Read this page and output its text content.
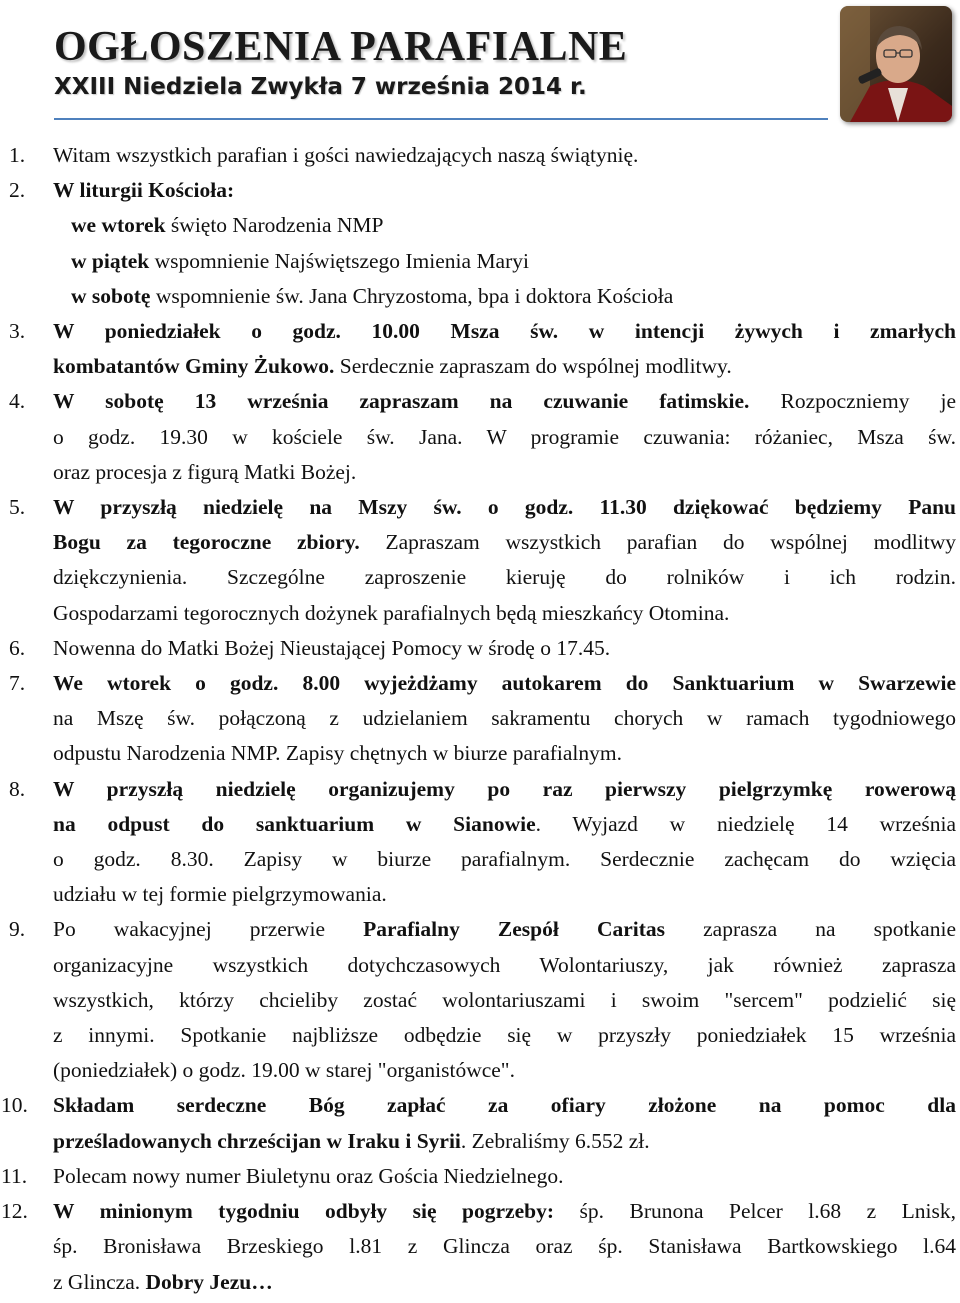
OGŁOSZENIA PARAFIALNE
XXIII Niedziela Zwykła 7 września 2014 r.
1. Witam wszystkich parafian i gości nawiedzających naszą świątynię.
2. W liturgii Kościoła:
we wtorek święto Narodzenia NMP
w piątek wspomnienie Najświętszego Imienia Maryi
w sobotę wspomnienie św. Jana Chryzostoma, bpa i doktora Kościoła
3. W poniedziałek o godz. 10.00 Msza św. w intencji żywych i zmarłych
kombatantów Gminy Żukowo. Serdecznie zapraszam do wspólnej modlitwy.
4. W sobotę 13 września zapraszam na czuwanie fatimskie. Rozpoczniemy je
o godz. 19.30 w kościele św. Jana. W programie czuwania: różaniec, Msza św.
oraz procesja z figurą Matki Bożej.
5. W przyszłą niedzielę na Mszy św. o godz. 11.30 dziękować będziemy Panu
Bogu za tegoroczne zbiory. Zapraszam wszystkich parafian do wspólnej modlitwy
dziękczynienia. Szczególne zaproszenie kieruję do rolników i ich rodzin.
Gospodarzami tegorocznych dożynek parafialnych będą mieszkańcy Otomina.
6. Nowenna do Matki Bożej Nieustającej Pomocy w środę o 17.45.
7. We wtorek o godz. 8.00 wyjeżdżamy autokarem do Sanktuarium w Swarzewie
na Mszę św. połączoną z udzielaniem sakramentu chorych w ramach tygodniowego
odpustu Narodzenia NMP. Zapisy chętnych w biurze parafialnym.
8. W przyszłą niedzielę organizujemy po raz pierwszy pielgrzymkę rowerową
na odpust do sanktuarium w Sianowie. Wyjazd w niedzielę 14 września
o godz. 8.30. Zapisy w biurze parafialnym. Serdecznie zachęcam do wzięcia
udziału w tej formie pielgrzymowania.
9. Po wakacyjnej przerwie Parafialny Zespół Caritas zaprasza na spotkanie
organizacyjne wszystkich dotychczasowych Wolontariuszy, jak również zaprasza
wszystkich, którzy chcieliby zostać wolontariuszami i swoim "sercem" podzielić się
z innymi. Spotkanie najbliższe odbędzie się w przyszły poniedziałek 15 września
(poniedziałek) o godz. 19.00 w starej "organistówce".
10. Składam serdeczne Bóg zapłać za ofiary złożone na pomoc dla
prześladowanych chrześcijan w Iraku i Syrii. Zebraliśmy 6.552 zł.
11. Polecam nowy numer Biuletynu oraz Gościa Niedzielnego.
12. W minionym tygodniu odbyły się pogrzeby: śp. Brunona Pelcer l.68 z Lnisk,
śp. Bronisława Brzeskiego l.81 z Glincza oraz śp. Stanisława Bartkowskiego l.64
z Glincza. Dobry Jezu…
